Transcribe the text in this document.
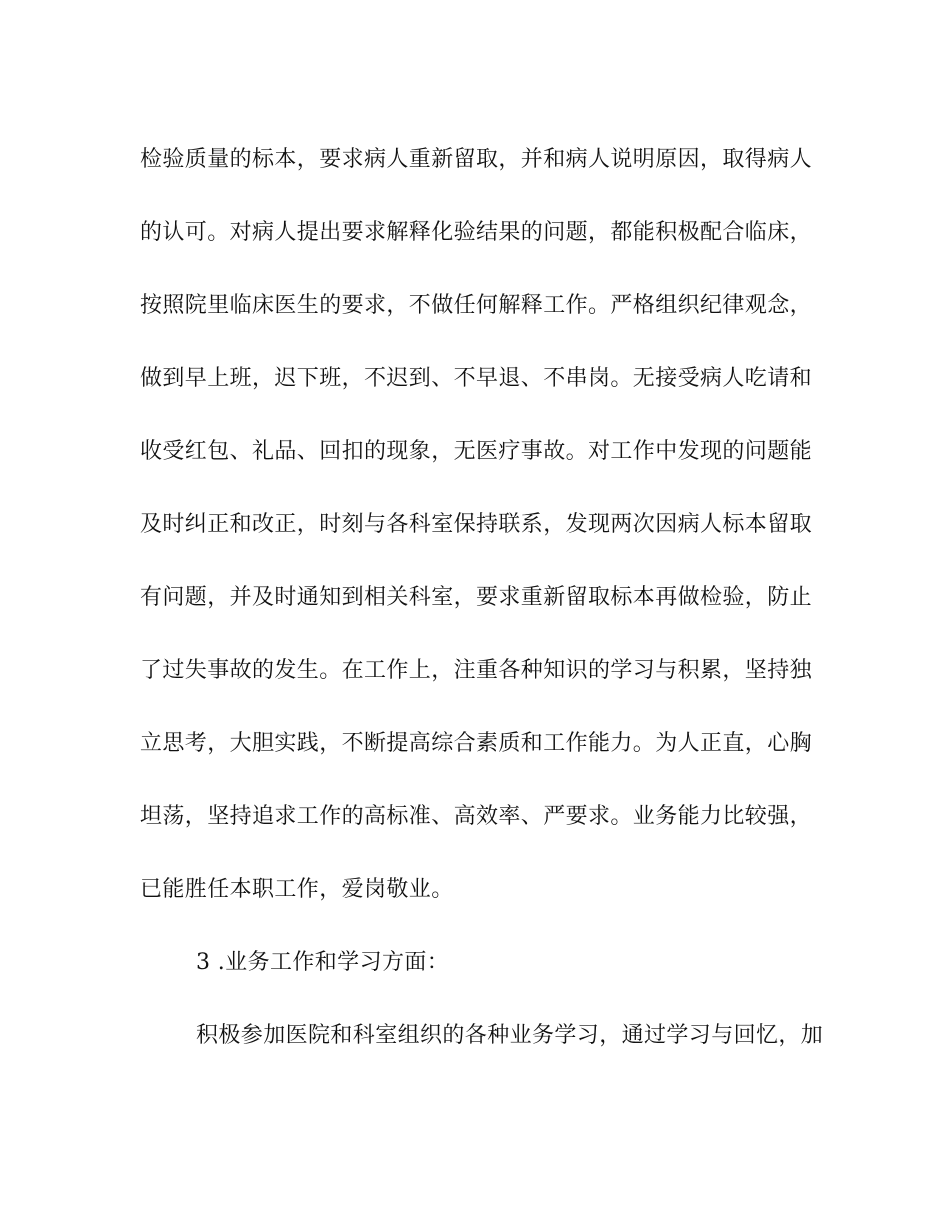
检验质量的标本，要求病人重新留取，并和病人说明原因，取得病人
的认可。对病人提出要求解释化验结果的问题，都能积极配合临床，
按照院里临床医生的要求，不做任何解释工作。严格组织纪律观念，
做到早上班，迟下班，不迟到、不早退、不串岗。无接受病人吃请和
收受红包、礼品、回扣的现象，无医疗事故。对工作中发现的问题能
及时纠正和改正，时刻与各科室保持联系，发现两次因病人标本留取
有问题，并及时通知到相关科室，要求重新留取标本再做检验，防止
了过失事故的发生。在工作上，注重各种知识的学习与积累，坚持独
立思考，大胆实践，不断提高综合素质和工作能力。为人正直，心胸
坦荡，坚持追求工作的高标准、高效率、严要求。业务能力比较强，
已能胜任本职工作，爱岗敬业。
3 .业务工作和学习方面：
积极参加医院和科室组织的各种业务学习，通过学习与回忆，加
